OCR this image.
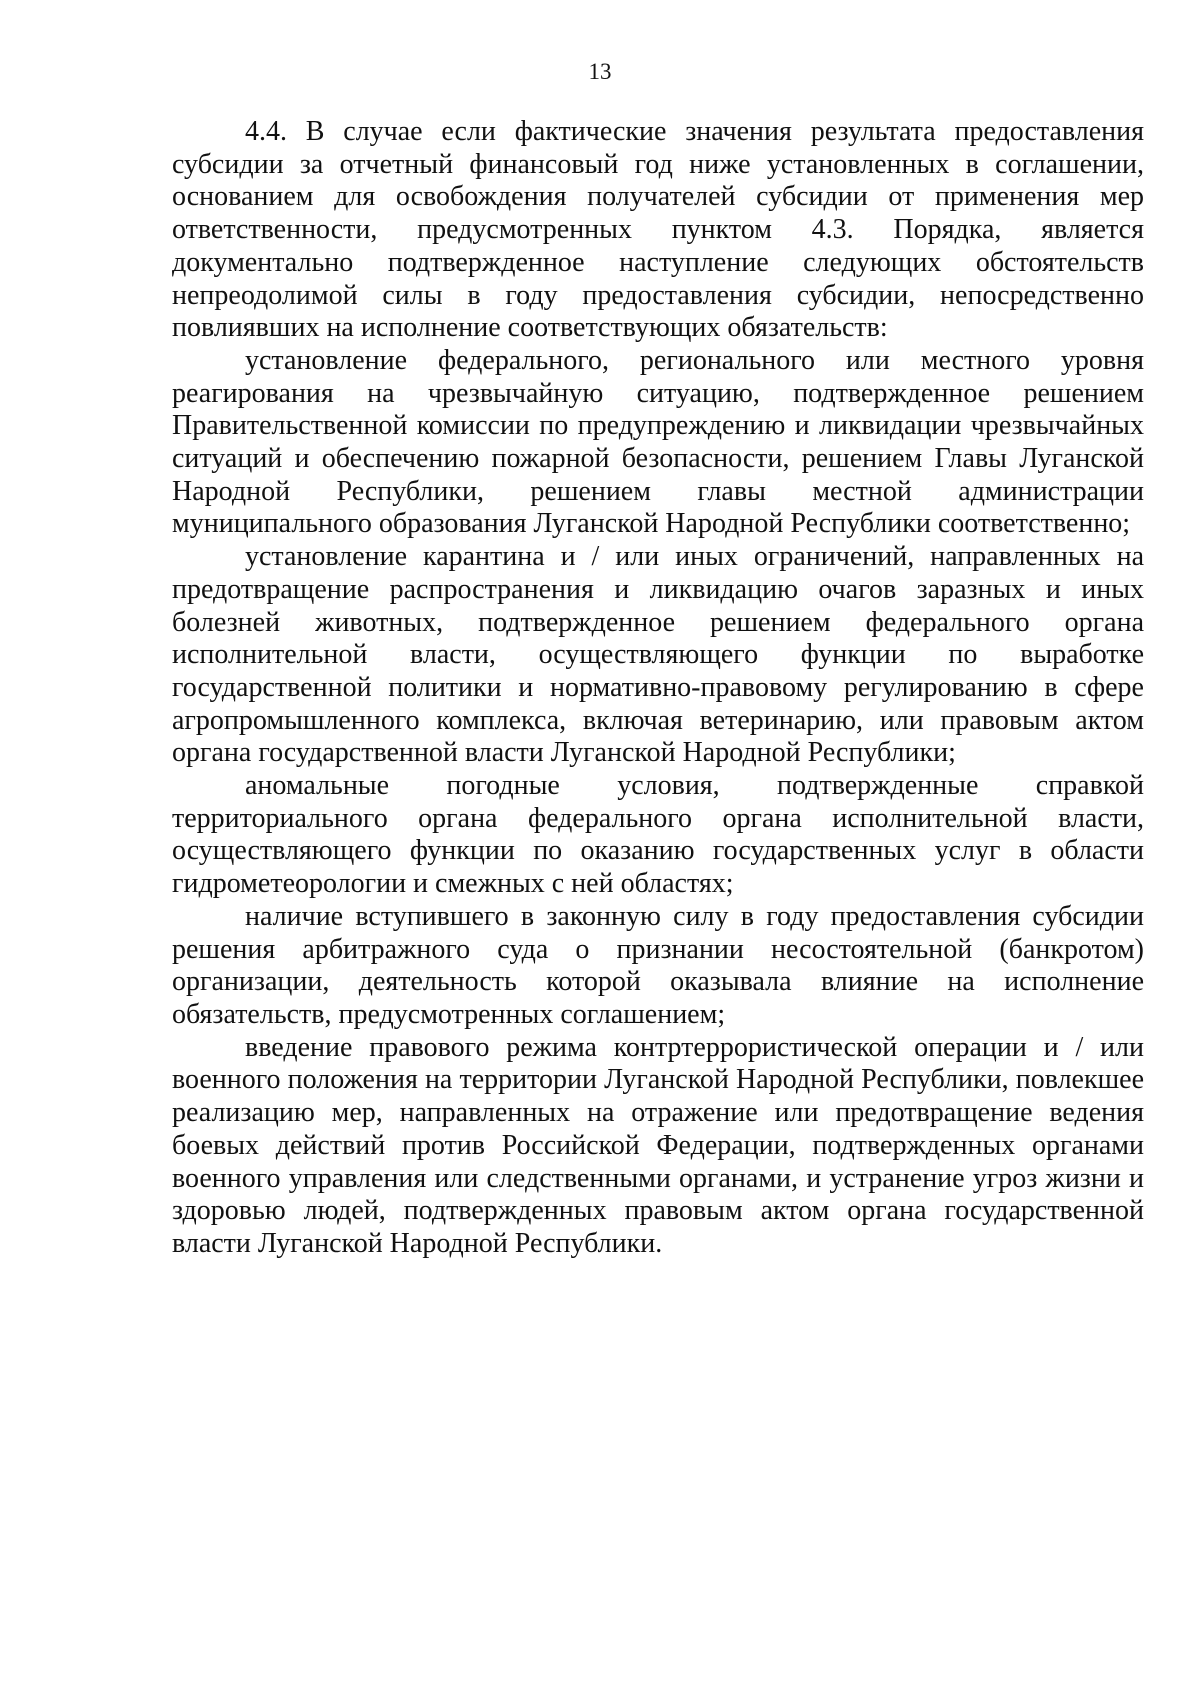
13

4.4. В случае если фактические значения результата предоставления субсидии за отчетный финансовый год ниже установленных в соглашении, основанием для освобождения получателей субсидии от применения мер ответственности, предусмотренных пунктом 4.3. Порядка, является документально подтвержденное наступление следующих обстоятельств непреодолимой силы в году предоставления субсидии, непосредственно повлиявших на исполнение соответствующих обязательств:

установление федерального, регионального или местного уровня реагирования на чрезвычайную ситуацию, подтвержденное решением Правительственной комиссии по предупреждению и ликвидации чрезвычайных ситуаций и обеспечению пожарной безопасности, решением Главы Луганской Народной Республики, решением главы местной администрации муниципального образования Луганской Народной Республики соответственно;

установление карантина и / или иных ограничений, направленных на предотвращение распространения и ликвидацию очагов заразных и иных болезней животных, подтвержденное решением федерального органа исполнительной власти, осуществляющего функции по выработке государственной политики и нормативно-правовому регулированию в сфере агропромышленного комплекса, включая ветеринарию, или правовым актом органа государственной власти Луганской Народной Республики;

аномальные погодные условия, подтвержденные справкой территориального органа федерального органа исполнительной власти, осуществляющего функции по оказанию государственных услуг в области гидрометеорологии и смежных с ней областях;

наличие вступившего в законную силу в году предоставления субсидии решения арбитражного суда о признании несостоятельной (банкротом) организации, деятельность которой оказывала влияние на исполнение обязательств, предусмотренных соглашением;

введение правового режима контртеррористической операции и / или военного положения на территории Луганской Народной Республики, повлекшее реализацию мер, направленных на отражение или предотвращение ведения боевых действий против Российской Федерации, подтвержденных органами военного управления или следственными органами, и устранение угроз жизни и здоровью людей, подтвержденных правовым актом органа государственной власти Луганской Народной Республики.
